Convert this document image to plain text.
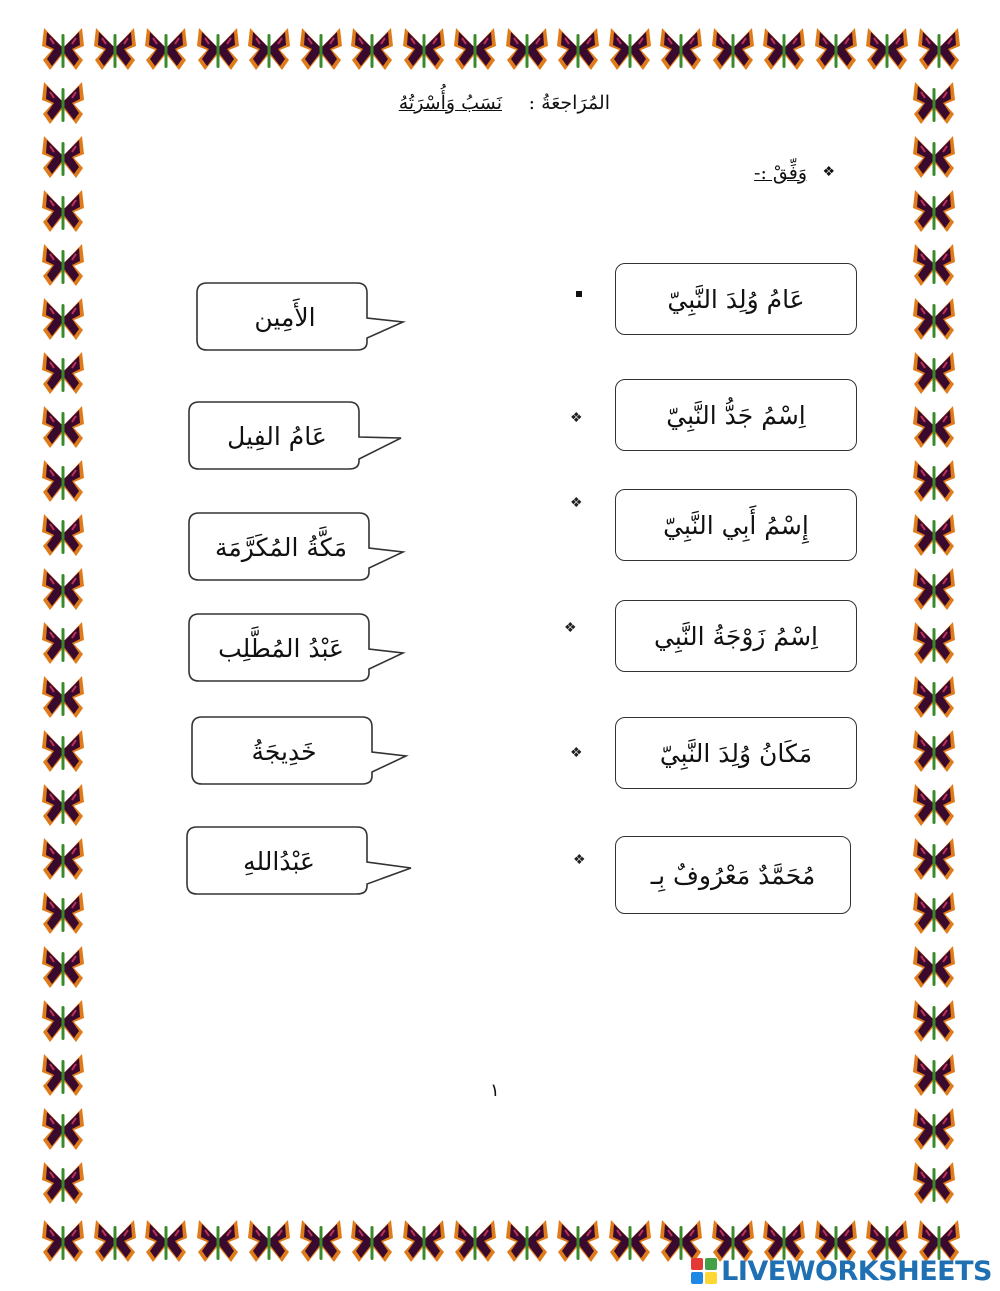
المُرَاجعَةُ :
نَسَبُ وَأُسْرَتُهُ
❖
وَفِّقْ :-
عَامُ وُلِدَ النَّبِيّ
اِسْمُ جَدُّ النَّبِيّ
إِسْمُ أَبِي النَّبِيّ
اِسْمُ زَوْجَةُ النَّبِي
مَكَانُ وُلِدَ النَّبِيّ
مُحَمَّدٌ مَعْرُوفٌ بِـ
❖
❖
❖
❖
❖
الأَمِين
عَامُ الفِيل
مَكَّةُ المُكَرَّمَة
عَبْدُ المُطَّلِب
خَدِيجَةُ
عَبْدُاللهِ
١
LIVEWORKSHEETS
